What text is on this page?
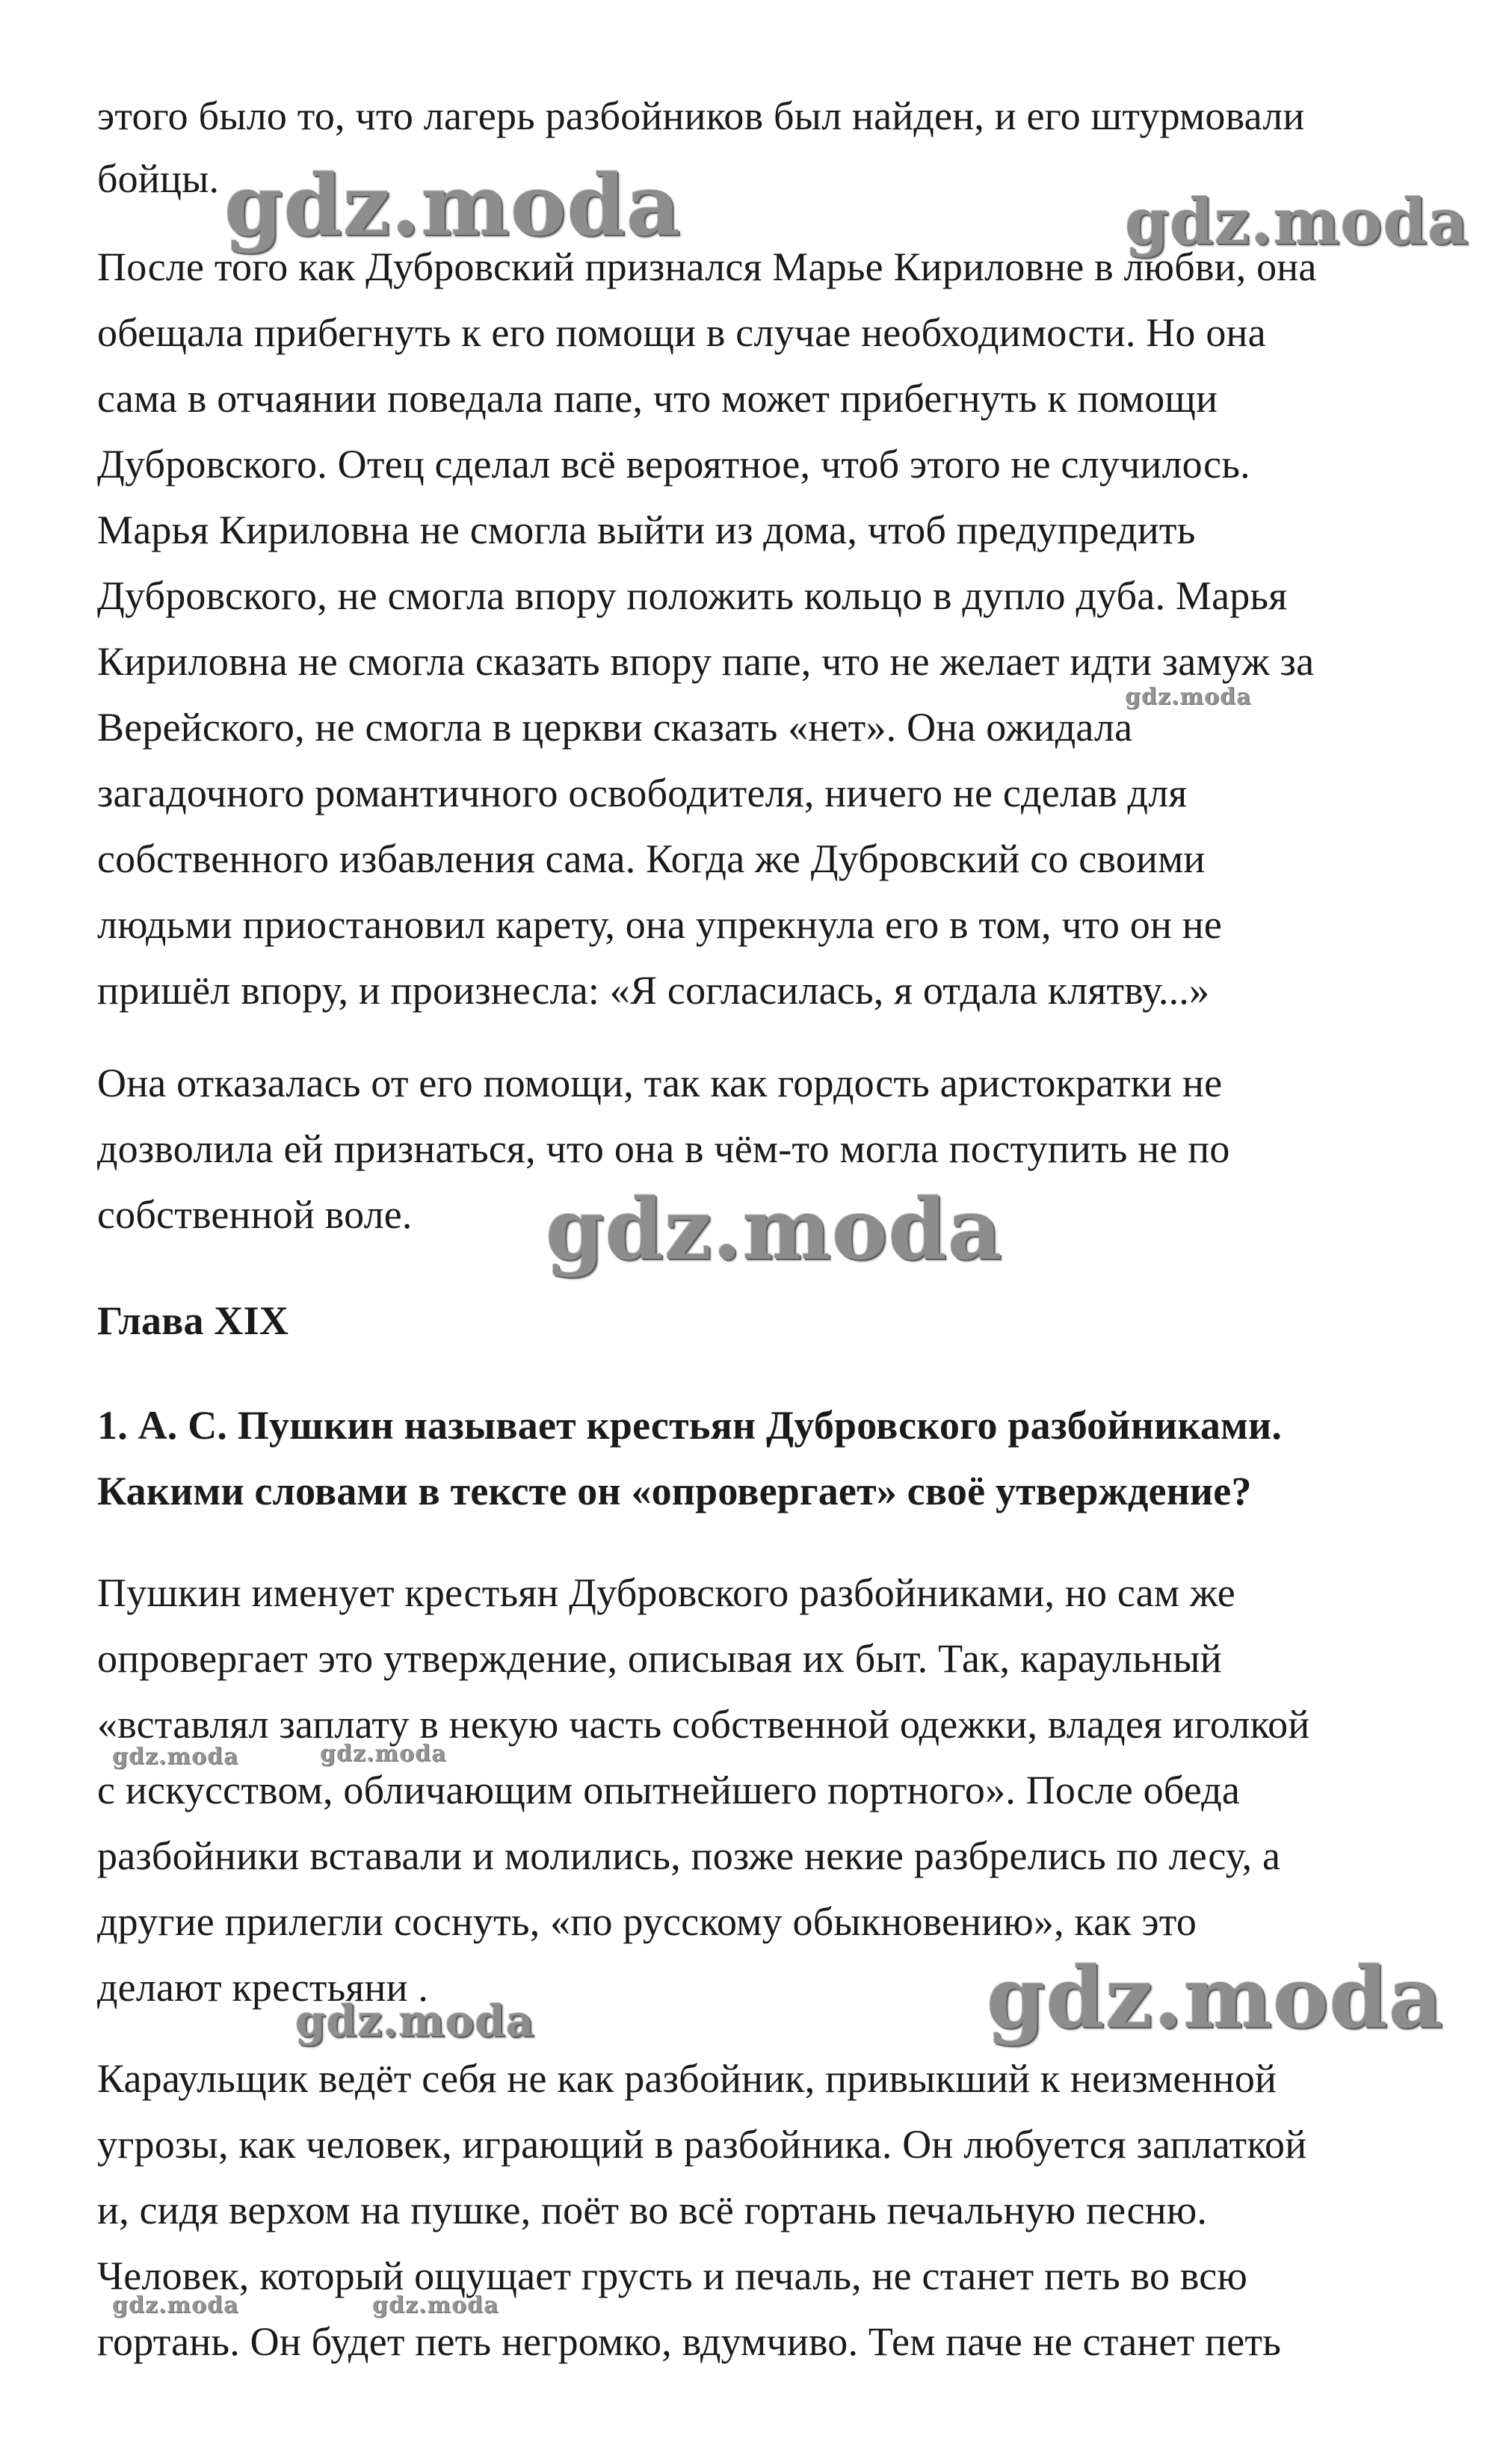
этого было то, что лагерь разбойников был найден, и его штурмовали
бойцы.
После того как Дубровский признался Марье Кириловне в любви, она
обещала прибегнуть к его помощи в случае необходимости. Но она
сама в отчаянии поведала папе, что может прибегнуть к помощи
Дубровского. Отец сделал всё вероятное, чтоб этого не случилось.
Марья Кириловна не смогла выйти из дома, чтоб предупредить
Дубровского, не смогла впору положить кольцо в дупло дуба. Марья
Кириловна не смогла сказать впору папе, что не желает идти замуж за
Верейского, не смогла в церкви сказать «нет». Она ожидала
загадочного романтичного освободителя, ничего не сделав для
собственного избавления сама. Когда же Дубровский со своими
людьми приостановил карету, она упрекнула его в том, что он не
пришёл впору, и произнесла: «Я согласилась, я отдала клятву...»
Она отказалась от его помощи, так как гордость аристократки не
дозволила ей признаться, что она в чём-то могла поступить не по
собственной воле.
Глава XIX
1. А. С. Пушкин называет крестьян Дубровского разбойниками.
Какими словами в тексте он «опровергает» своё утверждение?
Пушкин именует крестьян Дубровского разбойниками, но сам же
опровергает это утверждение, описывая их быт. Так, караульный
«вставлял заплату в некую часть собственной одежки, владея иголкой
с искусством, обличающим опытнейшего портного». После обеда
разбойники вставали и молились, позже некие разбрелись по лесу, а
другие прилегли соснуть, «по русскому обыкновению», как это
делают крестьяни .
Караульщик ведёт себя не как разбойник, привыкший к неизменной
угрозы, как человек, играющий в разбойника. Он любуется заплаткой
и, сидя верхом на пушке, поёт во всё гортань печальную песню.
Человек, который ощущает грусть и печаль, не станет петь во всю
гортань. Он будет петь негромко, вдумчиво. Тем паче не станет петь
gdz.moda	gdz.moda
gdz.moda
gdz.moda
gdz.moda	gdz.moda
gdz.moda
gdz.moda
gdz.moda	gdz.moda
